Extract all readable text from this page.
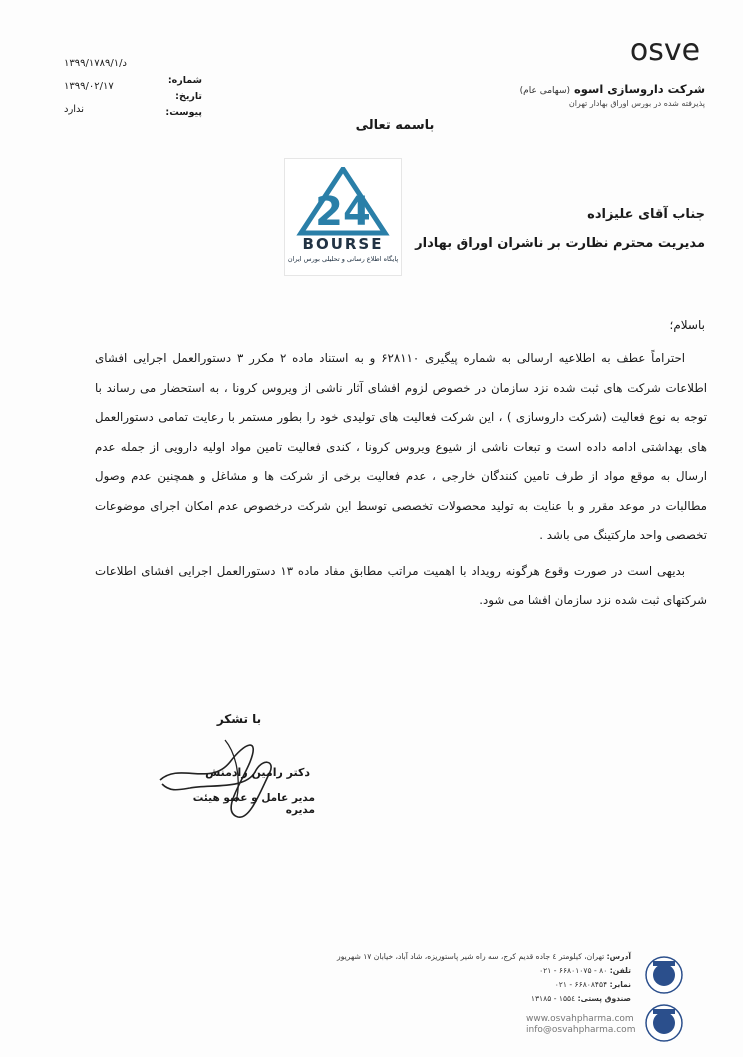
osve
شرکت داروسازی اسوه (سهامی عام)
پذیرفته شده در بورس اوراق بهادار تهران
شماره:
تاریخ:
پیوست:
د/۱۳۹۹/۱۷۸۹/۱
۱۳۹۹/۰۲/۱۷
ندارد
باسمه تعالی
24
BOURSE
پایگاه اطلاع رسانی و تحلیلی بورس ایران
جناب آقای علیزاده
مدیریت محترم نظارت بر ناشران اوراق بهادار
باسلام؛

احتراماً عطف به اطلاعیه ارسالی به شماره پیگیری ۶۲۸۱۱۰ و به استناد ماده ۲ مکرر ۳ دستورالعمل اجرایی افشای اطلاعات شرکت های ثبت شده نزد سازمان در خصوص لزوم افشای آثار ناشی از ویروس کرونا ، به استحضار می رساند با توجه به نوع فعالیت (شرکت داروسازی ) ، این شرکت فعالیت های تولیدی خود را بطور مستمر با رعایت تمامی دستورالعمل های بهداشتی ادامه داده است و تبعات ناشی از شیوع ویروس کرونا ، کندی فعالیت تامین مواد اولیه دارویی از جمله عدم ارسال به موقع مواد از طرف تامین کنندگان خارجی ، عدم فعالیت برخی از شرکت ها و مشاغل و همچنین عدم وصول مطالبات در موعد مقرر و با عنایت به تولید محصولات تخصصی توسط این شرکت درخصوص عدم امکان اجرای موضوعات تخصصی واحد مارکتینگ می باشد .

بدیهی است در صورت وقوع هرگونه رویداد با اهمیت مراتب مطابق مفاد ماده ۱۳ دستورالعمل اجرایی افشای اطلاعات شرکتهای ثبت شده نزد سازمان افشا می شود.

با تشکر
دکتر رامین رادمنش
مدیر عامل و عضو هیئت مدیره
آدرس: تهران، کیلومتر ٤ جاده قدیم کرج، سه راه شیر پاستوریزه، شاد آباد، خیابان ۱۷ شهریور
تلفن: ۸۰ - ۶۶۸۰۱۰۷۵ - ۰۲۱
نمابر: ۶۶۸۰۸۴۵۴ - ۰۲۱
صندوق پستی: ۱۵۵٤ - ۱۳۱۸۵
www.osvahpharma.com
info@osvahpharma.com
